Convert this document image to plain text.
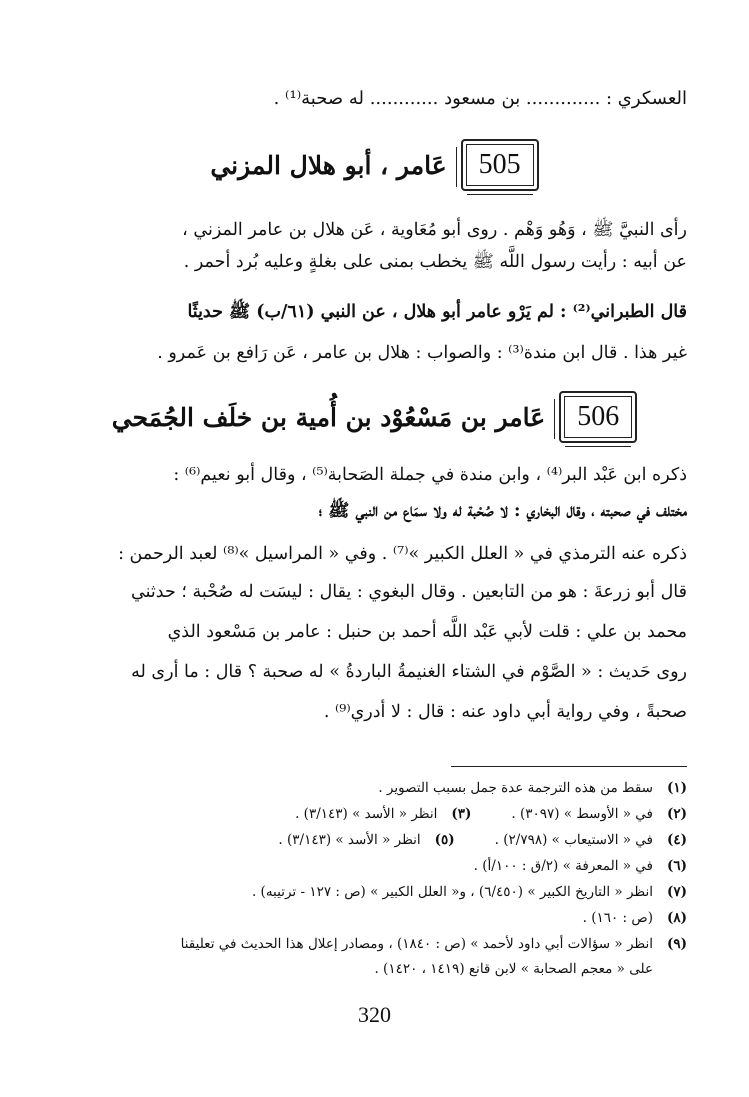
العسكري : ............. بن مسعود ............ له صحبة⁽¹⁾ .
505
عَامر ، أبو هلال المزني
رأى النبيَّ ﷺ ، وَهُو وَهْم . روى أبو مُعَاوية ، عَن هلال بن عامر المزني ،
عن أبيه : رأيت رسول اللَّه ﷺ يخطب بمنى على بغلةٍ وعليه بُرد أحمر .
قال الطبراني⁽²⁾ : لم يَرْو عامر أبو هلال ، عن النبي (٦١/ب) ﷺ حديثًا
غير هذا . قال ابن مندة⁽³⁾ : والصواب : هلال بن عامر ، عَن رَافع بن عَمرو .
506
عَامر بن مَسْعُوْد بن أُمية بن خلَف الجُمَحي
ذكره ابن عَبْد البر⁽⁴⁾ ، وابن مندة في جملة الصَحابة⁽⁵⁾ ، وقال أبو نعيم⁽⁶⁾ :
مختلف في صحبته ، وقال البخاري : لا صُحْبة له ولا سمَاع من النبي ﷺ ؛
ذكره عنه الترمذي في « العلل الكبير »⁽⁷⁾ . وفي « المراسيل »⁽⁸⁾ لعبد الرحمن :
قال أبو زرعةَ : هو من التابعين . وقال البغوي : يقال : ليسَت له صُحْبة ؛ حدثني
محمد بن علي : قلت لأبي عَبْد اللَّه أحمد بن حنبل : عامر بن مَسْعود الذي
روى حَديث : « الصَّوْم في الشتاء الغنيمةُ الباردةُ » له صحبة ؟ قال : ما أرى له
صحبةً ، وفي رواية أبي داود عنه : قال : لا أدري⁽⁹⁾ .
(١)سقط من هذه الترجمة عدة جمل بسبب التصوير .
(٢)في « الأوسط » (٣٠٩٧) .(٣)انظر « الأسد » (٣/١٤٣) .
(٤)في « الاستيعاب » (٢/٧٩٨) .(٥)انظر « الأسد » (٣/١٤٣) .
(٦)في « المعرفة » (٢/ق : ١٠٠/أ) .
(٧)انظر « التاريخ الكبير » (٦/٤٥٠) ، و« العلل الكبير » (ص : ١٢٧ - ترتيبه) .
(٨)(ص : ١٦٠) .
(٩)انظر « سؤالات أبي داود لأحمد » (ص : ١٨٤٠) ، ومصادر إعلال هذا الحديث في تعليقنا
على « معجم الصحابة » لابن قانع (١٤١٩ ، ١٤٢٠) .
320
